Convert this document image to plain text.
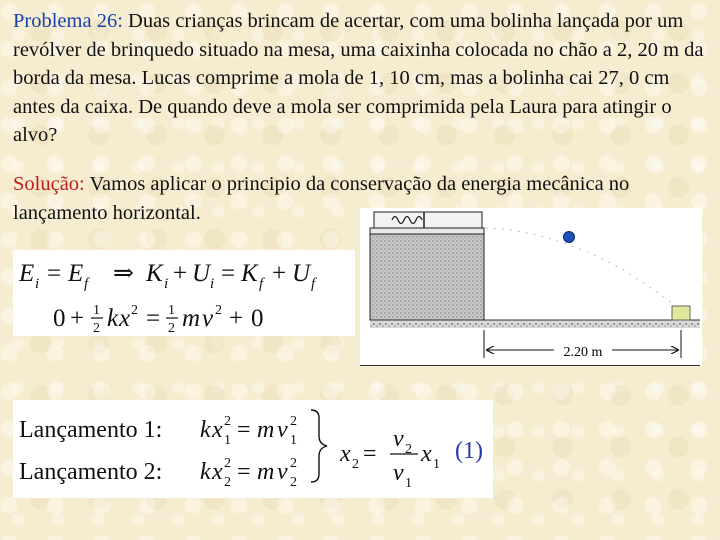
Problema 26: Duas crianças brincam de acertar, com uma bolinha lançada por um revólver de brinquedo situado na mesa, uma caixinha colocada no chão a 2, 20 m da borda da mesa. Lucas comprime a mola de 1, 10 cm, mas a bolinha cai 27, 0 cm antes da caixa. De quando deve a mola ser comprimida pela Laura para atingir o alvo?
Solução: Vamos aplicar o principio da conservação da energia mecânica no lançamento horizontal.
E i = E f ⇒ K i + U i = K f + U f
0 + 1
2 k x 2 = 1
2 m v 2 + 0
2.20 m
Lançamento 1:
Lançamento 2:
k x 2
1 = m v 2
1
k x 2
2 = m v 2
2
x 2 =
v 2
v 1
x 1
(1)
